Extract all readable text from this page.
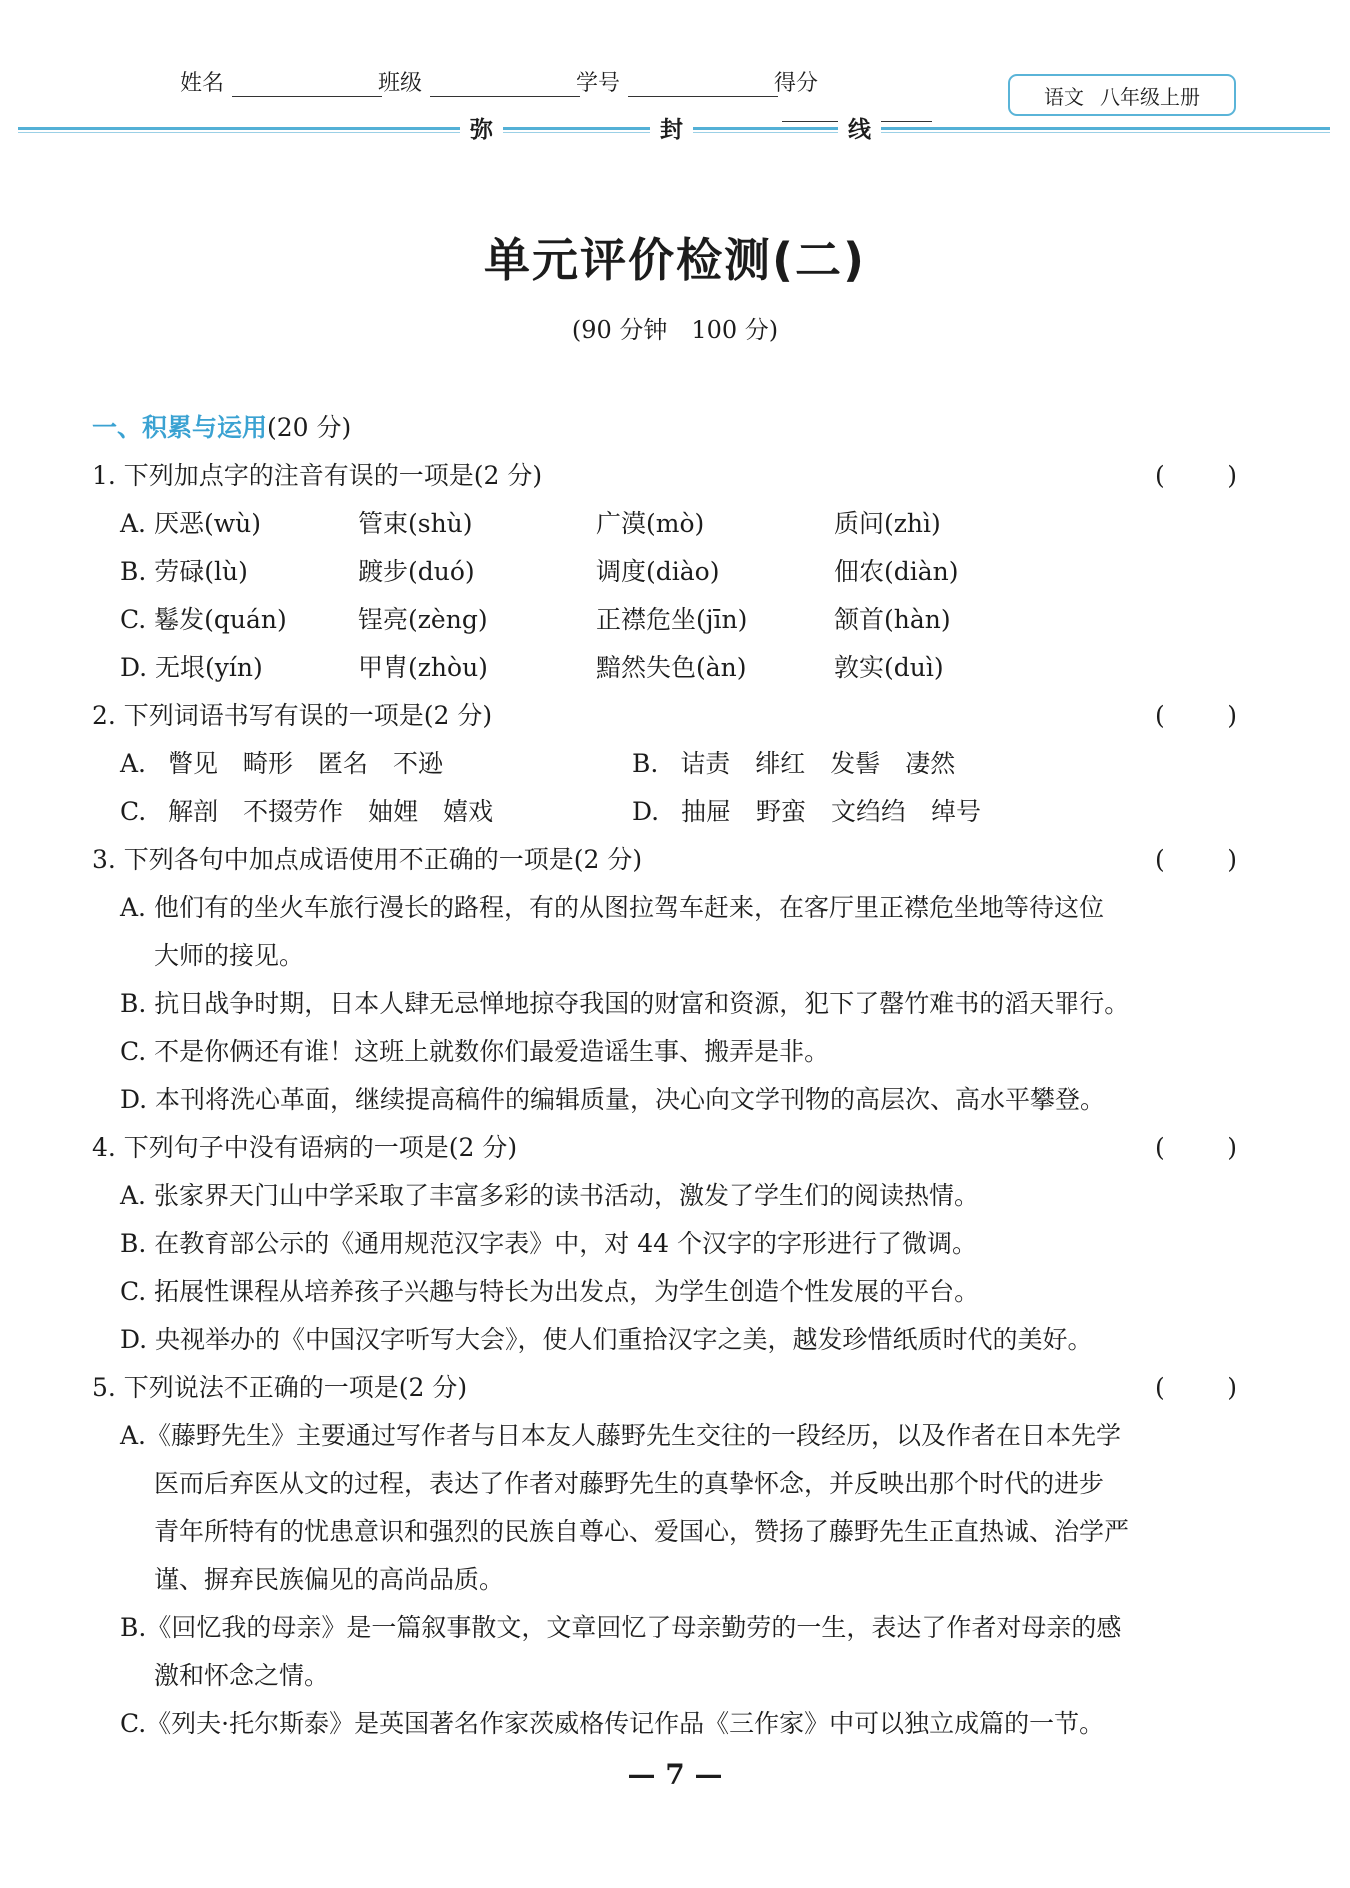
姓名	班级	学号	得分
语文 八年级上册
弥	封	线
单元评价检测(二)
(90 分钟　100 分)
一、积累与运用(20 分)
1. 下列加点字的注音有误的一项是(2 分)	( )
A. 厌恶(wù)	管束(shù)	广漠(mò)	质问(zhì)
B. 劳碌(lù)	踱步(duó)	调度(diào)	佃农(diàn)
C. 鬈发(quán)	锃亮(zèng)	正襟危坐(jīn)	颔首(hàn)
D. 无垠(yín)	甲胄(zhòu)	黯然失色(àn)	敦实(duì)
2. 下列词语书写有误的一项是(2 分)	( )
A. 瞥见　畸形　匿名　不逊	B. 诘责　绯红　发髻　凄然
C. 解剖　不掇劳作　妯娌　嬉戏	D. 抽屉　野蛮　文绉绉　绰号
3. 下列各句中加点成语使用不正确的一项是(2 分)	( )
A. 他们有的坐火车旅行漫长的路程，有的从图拉驾车赶来，在客厅里正襟危坐地等待这位
大师的接见。
B. 抗日战争时期，日本人肆无忌惮地掠夺我国的财富和资源，犯下了罄竹难书的滔天罪行。
C. 不是你俩还有谁！这班上就数你们最爱造谣生事、搬弄是非。
D. 本刊将洗心革面，继续提高稿件的编辑质量，决心向文学刊物的高层次、高水平攀登。
4. 下列句子中没有语病的一项是(2 分)	( )
A. 张家界天门山中学采取了丰富多彩的读书活动，激发了学生们的阅读热情。
B. 在教育部公示的《通用规范汉字表》中，对 44 个汉字的字形进行了微调。
C. 拓展性课程从培养孩子兴趣与特长为出发点，为学生创造个性发展的平台。
D. 央视举办的《中国汉字听写大会》，使人们重拾汉字之美，越发珍惜纸质时代的美好。
5. 下列说法不正确的一项是(2 分)	( )
A.《藤野先生》主要通过写作者与日本友人藤野先生交往的一段经历，以及作者在日本先学
医而后弃医从文的过程，表达了作者对藤野先生的真挚怀念，并反映出那个时代的进步
青年所特有的忧患意识和强烈的民族自尊心、爱国心，赞扬了藤野先生正直热诚、治学严
谨、摒弃民族偏见的高尚品质。
B.《回忆我的母亲》是一篇叙事散文，文章回忆了母亲勤劳的一生，表达了作者对母亲的感
激和怀念之情。
C.《列夫·托尔斯泰》是英国著名作家茨威格传记作品《三作家》中可以独立成篇的一节。
— 7 —
